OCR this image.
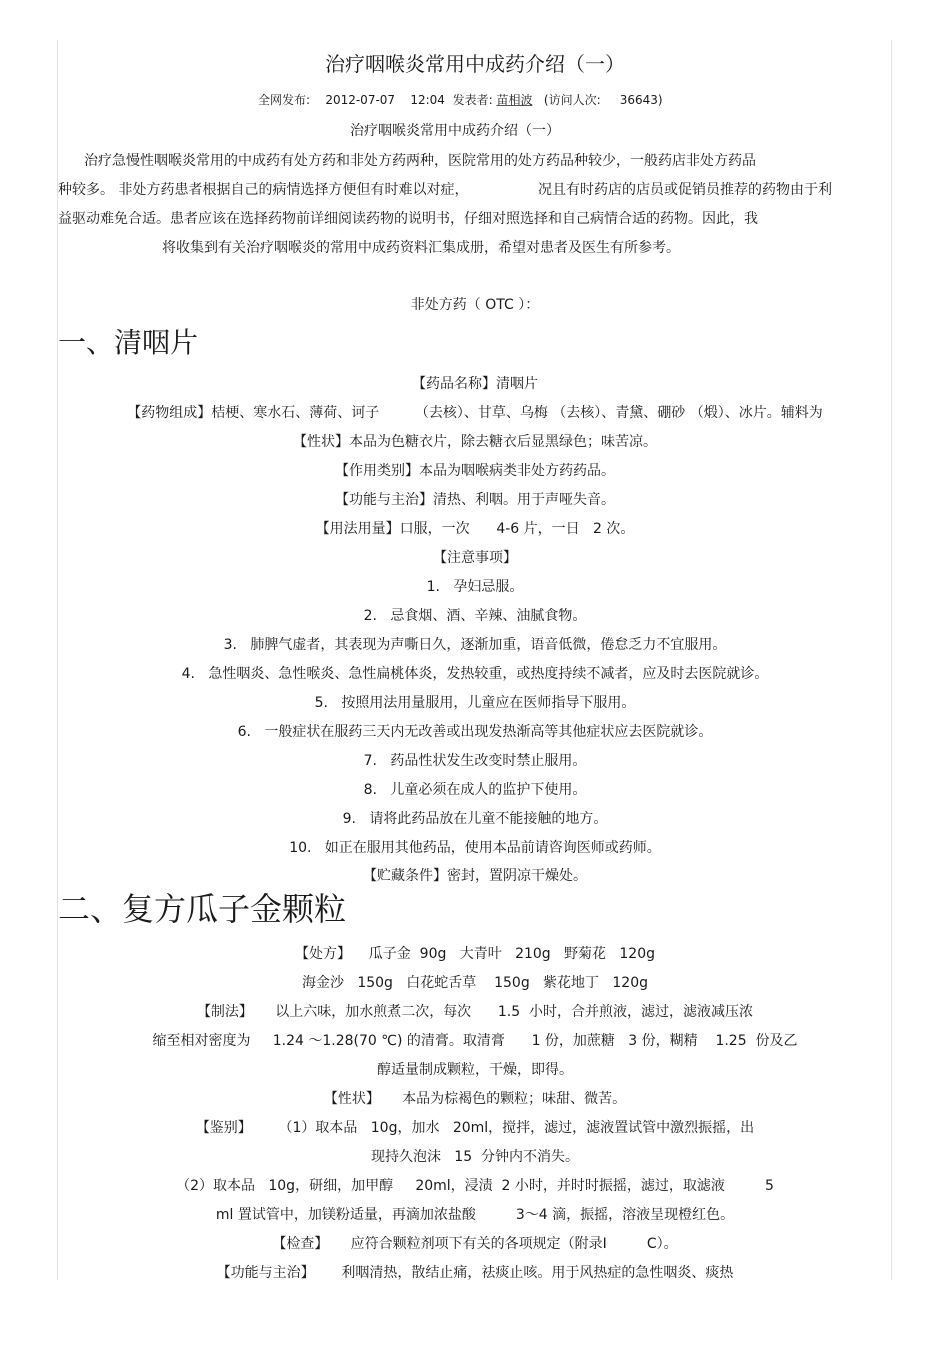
治疗咽喉炎常用中成药介绍（一）
全网发布: 2012-07-07 12:04 发表者: 苗相波 (访问人次:     36643)
治疗咽喉炎常用中成药介绍（一）
治疗急慢性咽喉炎常用的中成药有处方药和非处方药两种，医院常用的处方药品种较少，一般药店非处方药品
种较多。 非处方药患者根据自己的病情选择方便但有时难以对症，	况且有时药店的店员或促销员推荐的药物由于利
益驱动难免合适。患者应该在选择药物前详细阅读药物的说明书，仔细对照选择和自己病情合适的药物。因此，我
将收集到有关治疗咽喉炎的常用中成药资料汇集成册，希望对患者及医生有所参考。
非处方药（ OTC ）：
一、清咽片
【药品名称】清咽片
【药物组成】桔梗、寒水石、薄荷、诃子        （去核）、甘草、乌梅 （去核）、青黛、硼砂 （煅）、冰片。辅料为
【性状】本品为色糖衣片，除去糖衣后显黑绿色；味苦凉。
【作用类别】本品为咽喉病类非处方药药品。
【功能与主治】清热、利咽。用于声哑失音。
【用法用量】口服，一次      4-6 片，一日   2 次。
【注意事项】
1.   孕妇忌服。
2.   忌食烟、酒、辛辣、油腻食物。
3.   肺脾气虚者，其表现为声嘶日久，逐渐加重，语音低微，倦怠乏力不宜服用。
4.   急性咽炎、急性喉炎、急性扁桃体炎，发热较重，或热度持续不减者，应及时去医院就诊。
5.   按照用法用量服用，儿童应在医师指导下服用。
6.   一般症状在服药三天内无改善或出现发热渐高等其他症状应去医院就诊。
7.   药品性状发生改变时禁止服用。
8.   儿童必须在成人的监护下使用。
9.   请将此药品放在儿童不能接触的地方。
10.   如正在服用其他药品，使用本品前请咨询医师或药师。
【贮藏条件】密封，置阴凉干燥处。
二、复方瓜子金颗粒
【处方】    瓜子金  90g   大青叶   210g   野菊花   120g
海金沙   150g   白花蛇舌草    150g   紫花地丁   120g
【制法】     以上六味，加水煎煮二次，每次      1.5  小时，合并煎液，滤过，滤液减压浓
缩至相对密度为     1.24 ～1.28(70 ℃) 的清膏。取清膏      1 份，加蔗糖   3 份，糊精    1.25  份及乙
醇适量制成颗粒，干燥，即得。
【性状】     本品为棕褐色的颗粒；味甜、微苦。
【鉴别】      （1）取本品   10g，加水   20ml，搅拌，滤过，滤液置试管中激烈振摇，出
现持久泡沫   15  分钟内不消失。
（2）取本品   10g，研细，加甲醇     20ml，浸渍  2 小时，并时时振摇，滤过，取滤液         5
ml 置试管中，加镁粉适量，再滴加浓盐酸         3～4 滴，振摇，溶液呈现橙红色。
【检查】     应符合颗粒剂项下有关的各项规定（附录Ⅰ         C）。
【功能与主治】      利咽清热，散结止痛，祛痰止咳。用于风热症的急性咽炎、痰热
